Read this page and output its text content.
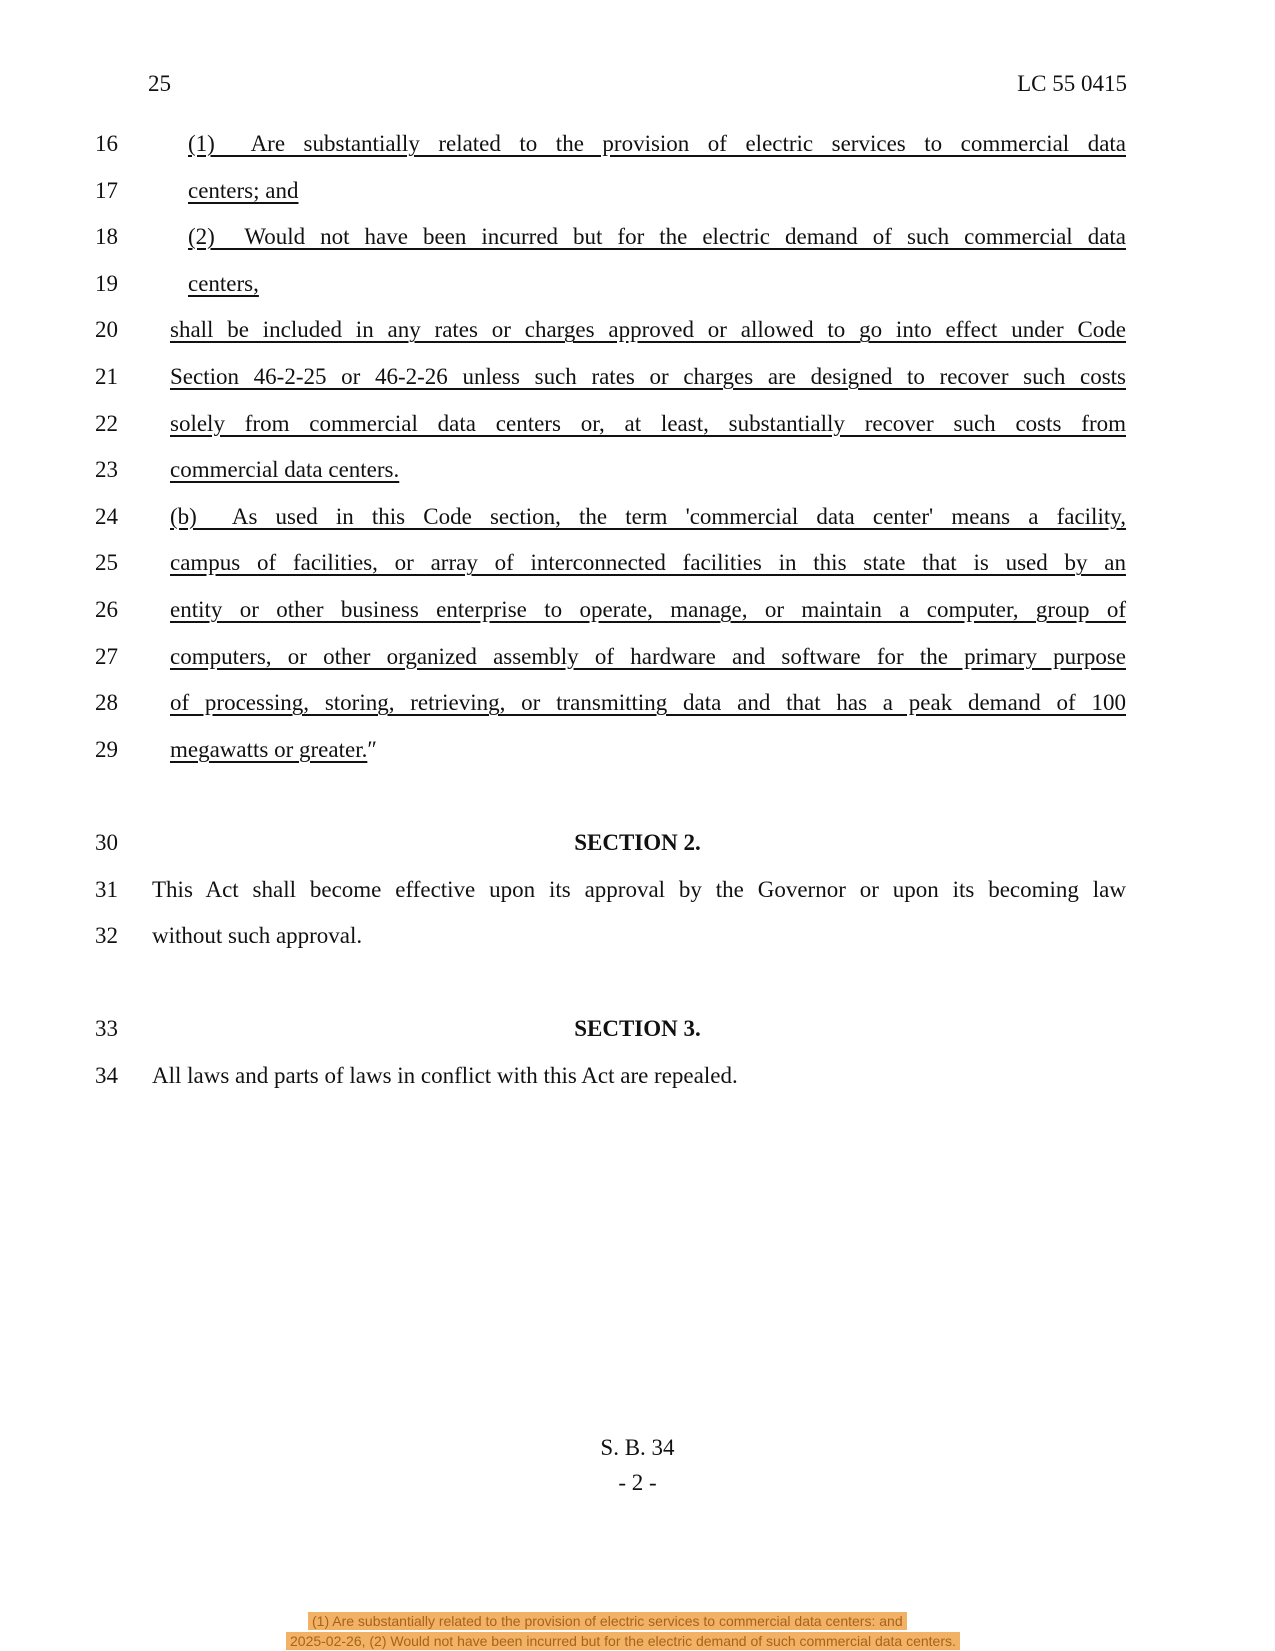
25	LC 55 0415
16	(1)  Are substantially related to the provision of electric services to commercial data
17	centers; and
18	(2)  Would not have been incurred but for the electric demand of such commercial data
19	centers,
20 shall be included in any rates or charges approved or allowed to go into effect under Code
21 Section 46-2-25 or 46-2-26 unless such rates or charges are designed to recover such costs
22 solely from commercial data centers or, at least, substantially recover such costs from
23 commercial data centers.
24 (b)  As used in this Code section, the term 'commercial data center' means a facility,
25 campus of facilities, or array of interconnected facilities in this state that is used by an
26 entity or other business enterprise to operate, manage, or maintain a computer, group of
27 computers, or other organized assembly of hardware and software for the primary purpose
28 of processing, storing, retrieving, or transmitting data and that has a peak demand of 100
29 megawatts or greater.″
30	SECTION 2.
31 This Act shall become effective upon its approval by the Governor or upon its becoming law
32 without such approval.
33	SECTION 3.
34 All laws and parts of laws in conflict with this Act are repealed.
S. B. 34
- 2 -
(1) Are substantially related to the provision of electric services to commercial data centers: and
2025-02-26, (2) Would not have been incurred but for the electric demand of such commercial data centers.
